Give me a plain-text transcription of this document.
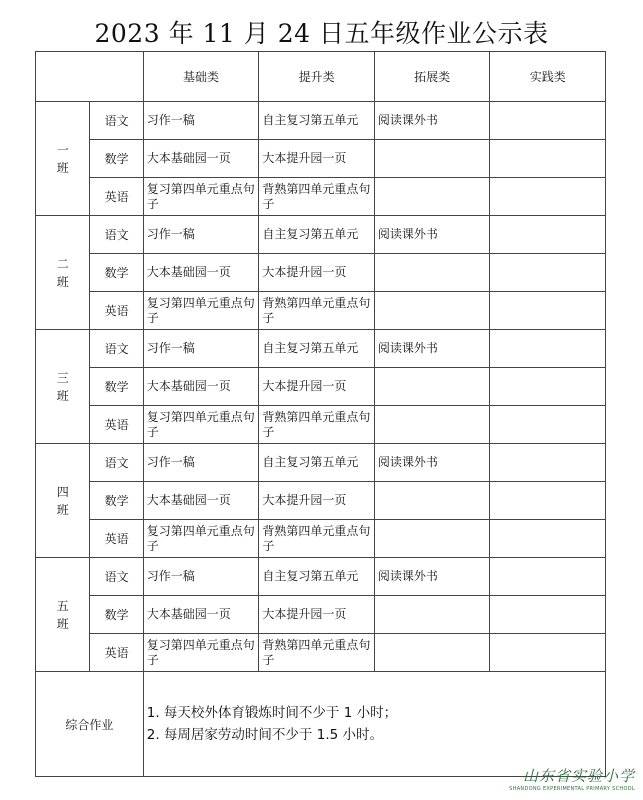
2023 年 11 月 24 日五年级作业公示表
		基础类	提升类	拓展类	实践类
一
班	语文	习作一稿	自主复习第五单元	阅读课外书	
	数学	大本基础园一页	大本提升园一页		
	英语	复习第四单元重点句子	背熟第四单元重点句子		
二
班	语文	习作一稿	自主复习第五单元	阅读课外书	
	数学	大本基础园一页	大本提升园一页		
	英语	复习第四单元重点句子	背熟第四单元重点句子		
三
班	语文	习作一稿	自主复习第五单元	阅读课外书	
	数学	大本基础园一页	大本提升园一页		
	英语	复习第四单元重点句子	背熟第四单元重点句子		
四
班	语文	习作一稿	自主复习第五单元	阅读课外书	
	数学	大本基础园一页	大本提升园一页		
	英语	复习第四单元重点句子	背熟第四单元重点句子		
五
班	语文	习作一稿	自主复习第五单元	阅读课外书	
	数学	大本基础园一页	大本提升园一页		
	英语	复习第四单元重点句子	背熟第四单元重点句子		
综合作业		1. 每天校外体育锻炼时间不少于 1 小时；
2. 每周居家劳动时间不少于 1.5 小时。			
山东省实验小学
SHANDONG EXPERIMENTAL PRIMARY SCHOOL
